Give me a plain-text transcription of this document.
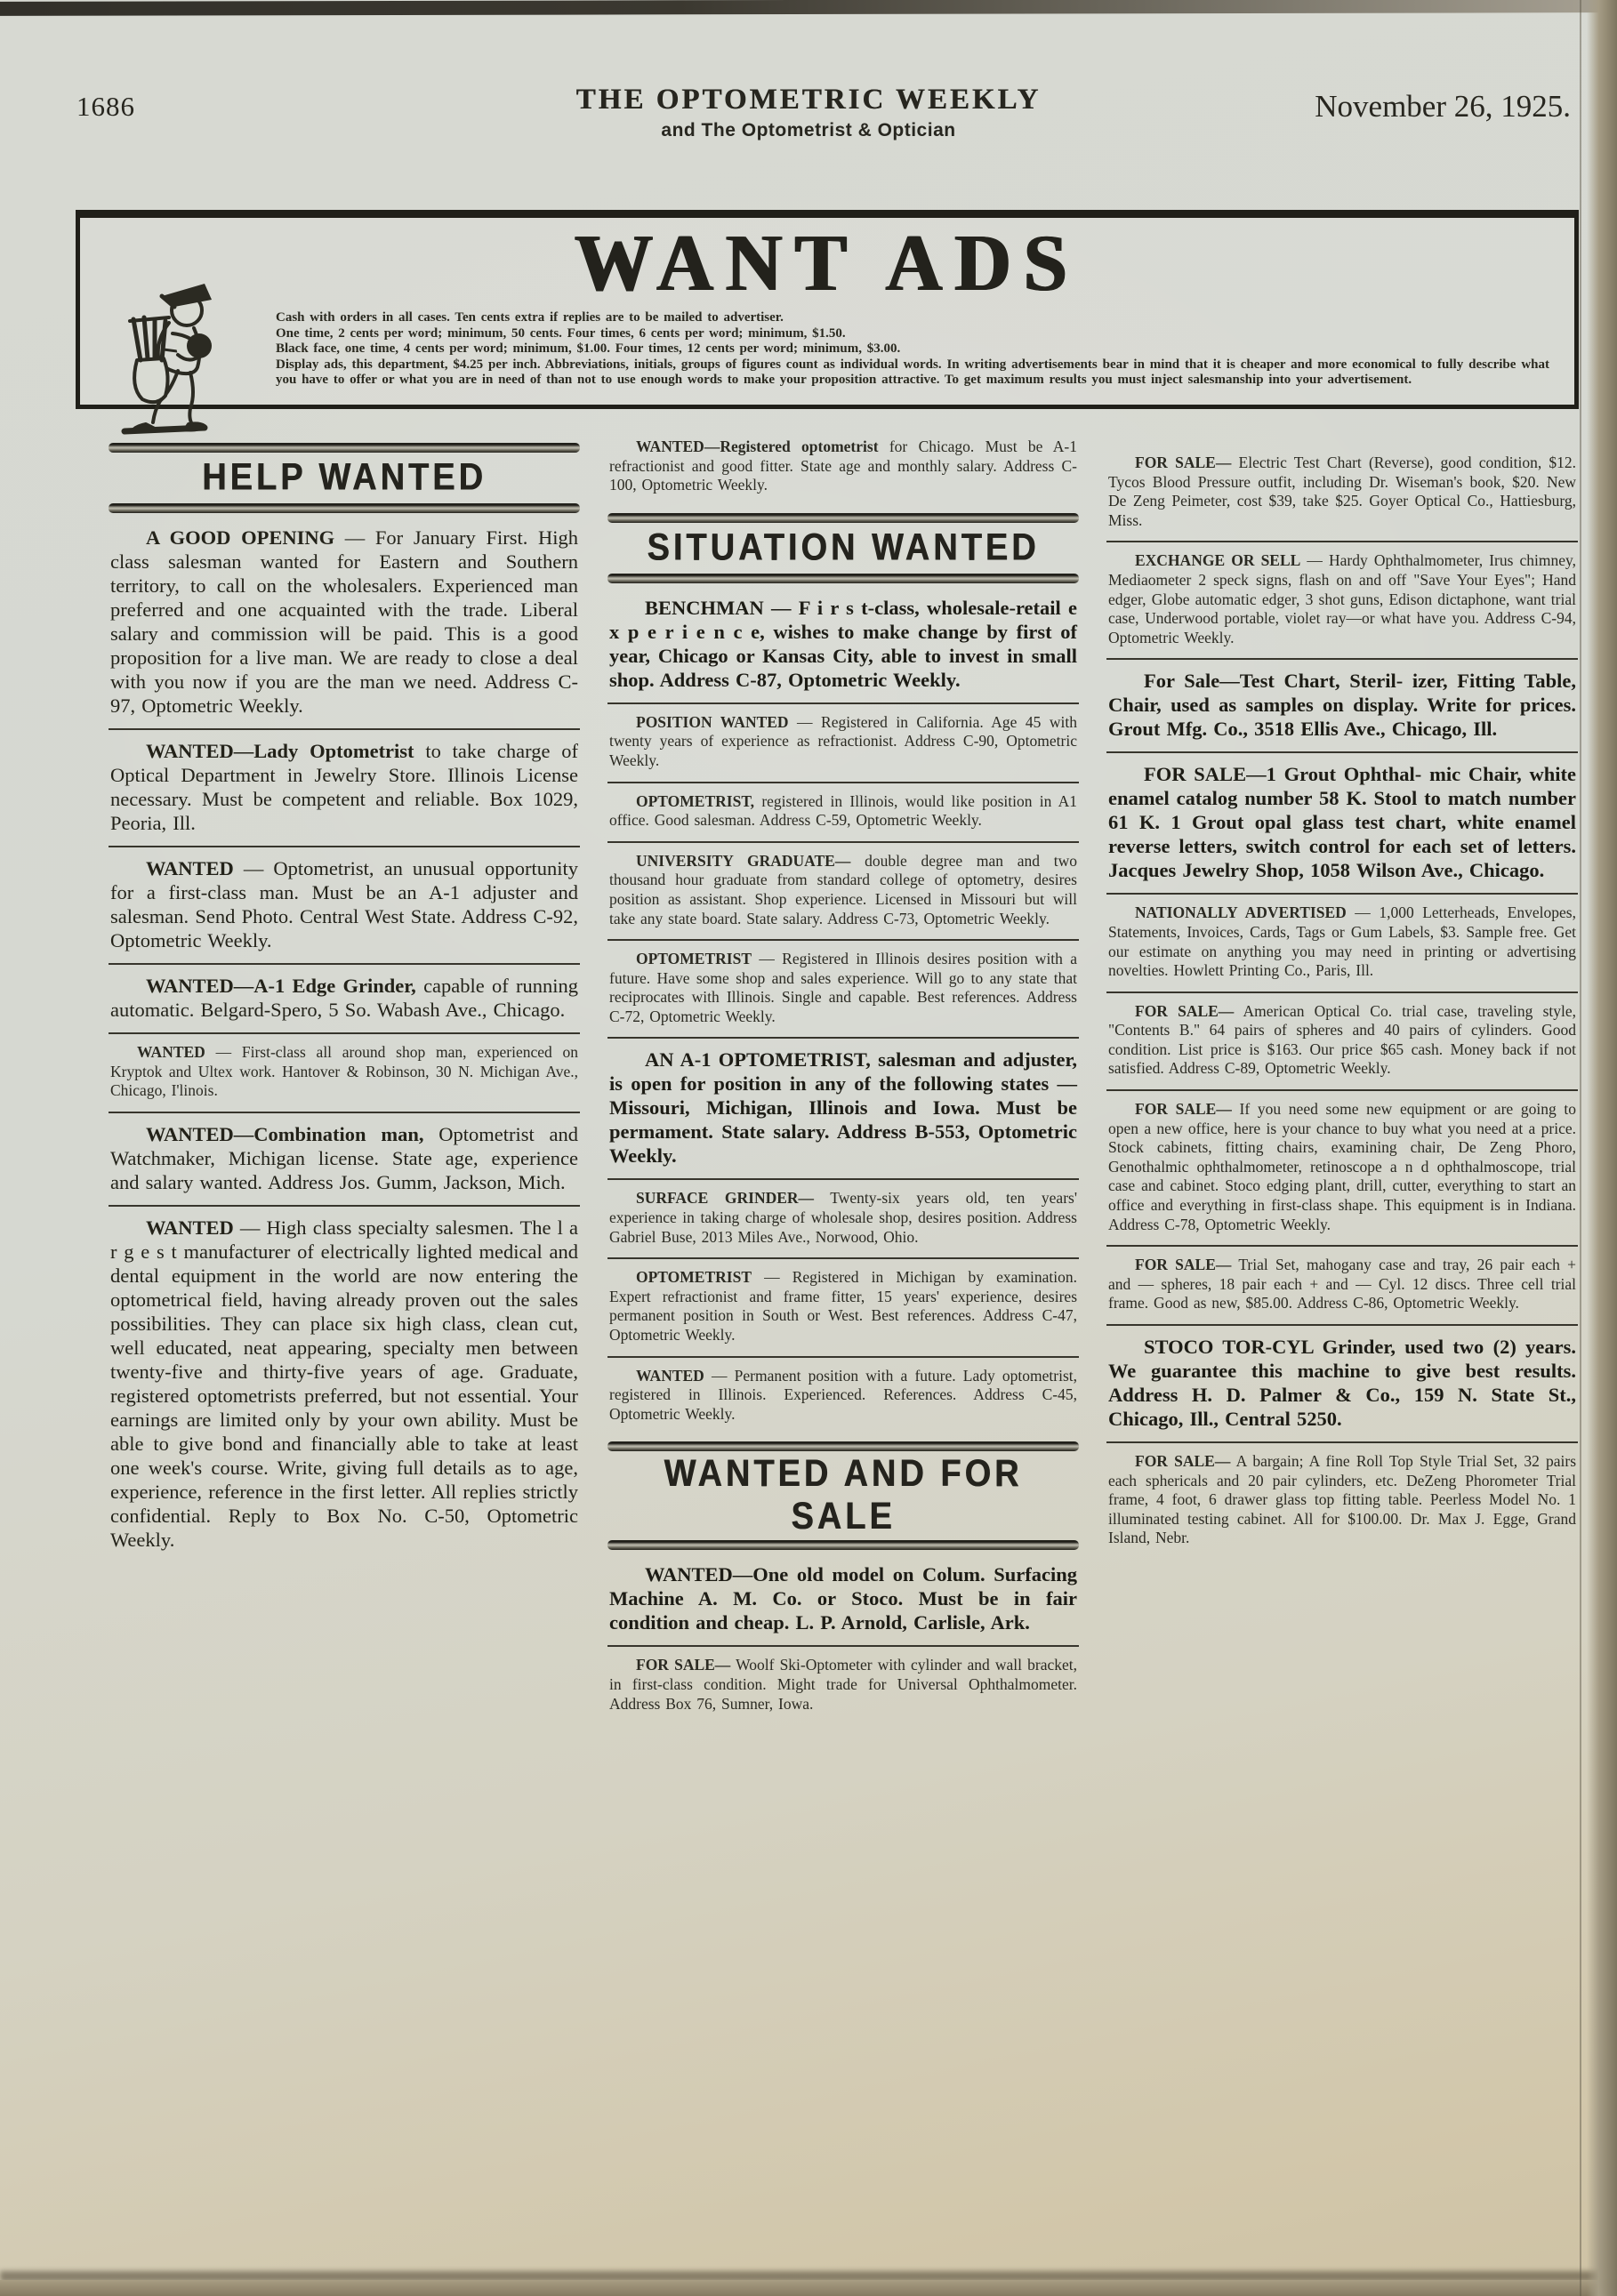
1686	THE OPTOMETRIC WEEKLY
and The Optometrist & Optician
November 26, 1925.
WANT ADS
Cash with orders in all cases. Ten cents extra if replies are to be mailed to advertiser.
One time, 2 cents per word; minimum, 50 cents. Four times, 6 cents per word; minimum, $1.50.
Black face, one time, 4 cents per word; minimum, $1.00. Four times, 12 cents per word; minimum, $3.00.
Display ads, this department, $4.25 per inch. Abbreviations, initials, groups of figures count as individual words. In writing advertisements bear in mind that it is cheaper and more economical to fully describe what you have to offer or what you are in need of than not to use enough words to make your proposition attractive. To get maximum results you must inject salesmanship into your advertisement.
HELP WANTED

A GOOD OPENING — For January First. High class salesman wanted for Eastern and Southern territory, to call on the wholesalers. Experienced man preferred and one acquainted with the trade. Liberal salary and commission will be paid. This is a good proposition for a live man. We are ready to close a deal with you now if you are the man we need. Address C-97, Optometric Weekly.

WANTED—Lady Optometrist to take charge of Optical Department in Jewelry Store. Illinois License necessary. Must be competent and reliable. Box 1029, Peoria, Ill.

WANTED — Optometrist, an unusual opportunity for a first-class man. Must be an A-1 adjuster and salesman. Send Photo. Central West State. Address C-92, Optometric Weekly.

WANTED—A-1 Edge Grinder, capable of running automatic. Belgard-Spero, 5 So. Wabash Ave., Chicago.

WANTED — First-class all around shop man, experienced on Kryptok and Ultex work. Hantover & Robinson, 30 N. Michigan Ave., Chicago, I'linois.

WANTED—Combination man, Optometrist and Watchmaker, Michigan license. State age, experience and salary wanted. Address Jos. Gumm, Jackson, Mich.

WANTED — High class specialty salesmen. The l a r g e s t manufacturer of electrically lighted medical and dental equipment in the world are now entering the optometrical field, having already proven out the sales possibilities. They can place six high class, clean cut, well educated, neat appearing, specialty men between twenty-five and thirty-five years of age. Graduate, registered optometrists preferred, but not essential. Your earnings are limited only by your own ability. Must be able to give bond and financially able to take at least one week's course. Write, giving full details as to age, experience, reference in the first letter. All replies strictly confidential. Reply to Box No. C-50, Optometric Weekly.

WANTED—Registered optometrist for Chicago. Must be A-1 refractionist and good fitter. State age and monthly salary. Address C-100, Optometric Weekly.

SITUATION WANTED

BENCHMAN — F i r s t-class, wholesale-retail e x p e r i e n c e, wishes to make change by first of year, Chicago or Kansas City, able to invest in small shop. Address C-87, Optometric Weekly.

POSITION WANTED — Registered in California. Age 45 with twenty years of experience as refractionist. Address C-90, Optometric Weekly.

OPTOMETRIST, registered in Illinois, would like position in A1 office. Good salesman. Address C-59, Optometric Weekly.

UNIVERSITY GRADUATE— double degree man and two thousand hour graduate from standard college of optometry, desires position as assistant. Shop experience. Licensed in Missouri but will take any state board. State salary. Address C-73, Optometric Weekly.

OPTOMETRIST — Registered in Illinois desires position with a future. Have some shop and sales experience. Will go to any state that reciprocates with Illinois. Single and capable. Best references. Address C-72, Optometric Weekly.

AN A-1 OPTOMETRIST, salesman and adjuster, is open for position in any of the following states — Missouri, Michigan, Illinois and Iowa. Must be permament. State salary. Address B-553, Optometric Weekly.

SURFACE GRINDER— Twenty-six years old, ten years' experience in taking charge of wholesale shop, desires position. Address Gabriel Buse, 2013 Miles Ave., Norwood, Ohio.

OPTOMETRIST — Registered in Michigan by examination. Expert refractionist and frame fitter, 15 years' experience, desires permanent position in South or West. Best references. Address C-47, Optometric Weekly.

WANTED — Permanent position with a future. Lady optometrist, registered in Illinois. Experienced. References. Address C-45, Optometric Weekly.

WANTED AND FOR SALE

WANTED—One old model on Colum. Surfacing Machine A. M. Co. or Stoco. Must be in fair condition and cheap. L. P. Arnold, Carlisle, Ark.

FOR SALE— Woolf Ski-Optometer with cylinder and wall bracket, in first-class condition. Might trade for Universal Ophthalmometer. Address Box 76, Sumner, Iowa.

FOR SALE— Electric Test Chart (Reverse), good condition, $12. Tycos Blood Pressure outfit, including Dr. Wiseman's book, $20. New De Zeng Peimeter, cost $39, take $25. Goyer Optical Co., Hattiesburg, Miss.

EXCHANGE OR SELL — Hardy Ophthalmometer, Irus chimney, Mediaometer 2 speck signs, flash on and off "Save Your Eyes"; Hand edger, Globe automatic edger, 3 shot guns, Edison dictaphone, want trial case, Underwood portable, violet ray—or what have you. Address C-94, Optometric Weekly.

For Sale—Test Chart, Steril- izer, Fitting Table, Chair, used as samples on display. Write for prices. Grout Mfg. Co., 3518 Ellis Ave., Chicago, Ill.

FOR SALE—1 Grout Ophthal- mic Chair, white enamel catalog number 58 K. Stool to match number 61 K. 1 Grout opal glass test chart, white enamel reverse letters, switch control for each set of letters. Jacques Jewelry Shop, 1058 Wilson Ave., Chicago.

NATIONALLY ADVERTISED — 1,000 Letterheads, Envelopes, Statements, Invoices, Cards, Tags or Gum Labels, $3. Sample free. Get our estimate on anything you may need in printing or advertising novelties. Howlett Printing Co., Paris, Ill.

FOR SALE— American Optical Co. trial case, traveling style, "Contents B." 64 pairs of spheres and 40 pairs of cylinders. Good condition. List price is $163. Our price $65 cash. Money back if not satisfied. Address C-89, Optometric Weekly.

FOR SALE— If you need some new equipment or are going to open a new office, here is your chance to buy what you need at a price. Stock cabinets, fitting chairs, examining chair, De Zeng Phoro, Genothalmic ophthalmometer, retinoscope a n d ophthalmoscope, trial case and cabinet. Stoco edging plant, drill, cutter, everything to start an office and everything in first-class shape. This equipment is in Indiana. Address C-78, Optometric Weekly.

FOR SALE— Trial Set, mahogany case and tray, 26 pair each + and — spheres, 18 pair each + and — Cyl. 12 discs. Three cell trial frame. Good as new, $85.00. Address C-86, Optometric Weekly.

STOCO TOR-CYL Grinder, used two (2) years. We guarantee this machine to give best results. Address H. D. Palmer & Co., 159 N. State St., Chicago, Ill., Central 5250.

FOR SALE— A bargain; A fine Roll Top Style Trial Set, 32 pairs each sphericals and 20 pair cylinders, etc. DeZeng Phorometer Trial frame, 4 foot, 6 drawer glass top fitting table. Peerless Model No. 1 illuminated testing cabinet. All for $100.00. Dr. Max J. Egge, Grand Island, Nebr.
